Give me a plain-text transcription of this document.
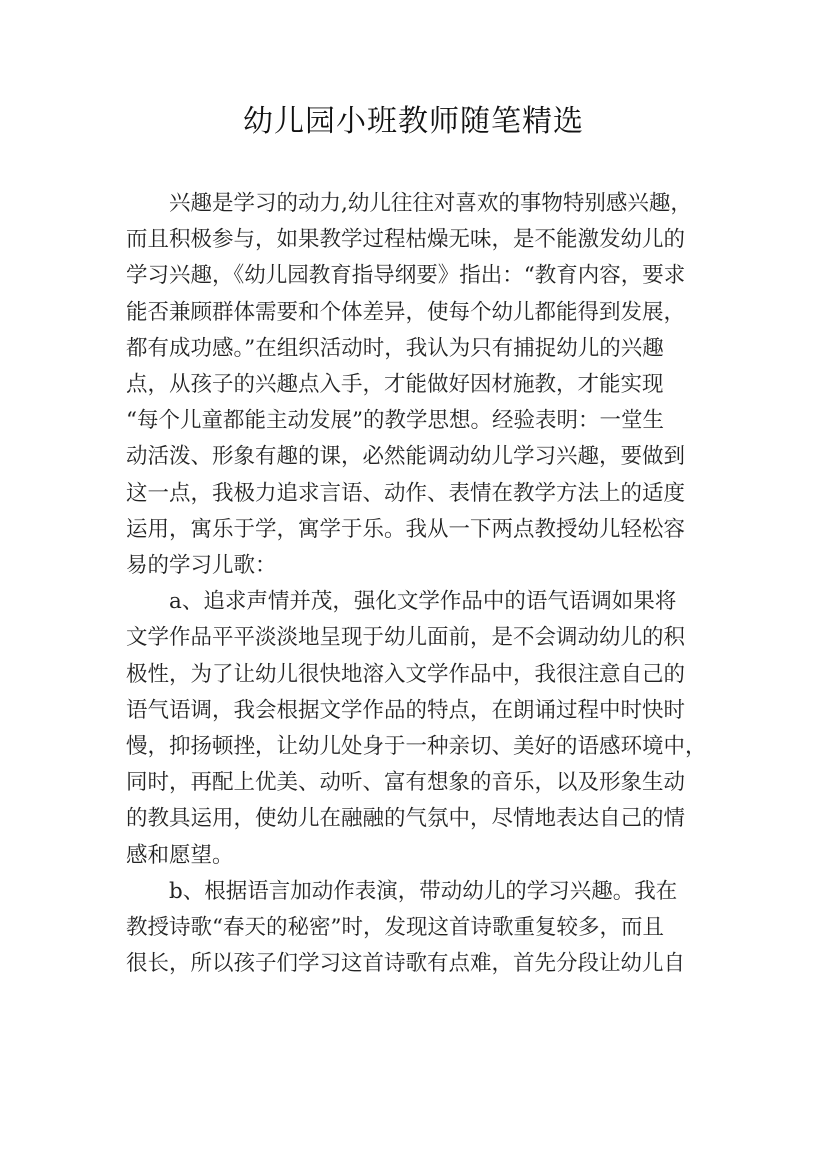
幼儿园小班教师随笔精选

兴趣是学习的动力,幼儿往往对喜欢的事物特别感兴趣，
而且积极参与，如果教学过程枯燥无味，是不能激发幼儿的
学习兴趣，《幼儿园教育指导纲要》指出：“教育内容，要求
能否兼顾群体需要和个体差异，使每个幼儿都能得到发展，
都有成功感。”在组织活动时，我认为只有捕捉幼儿的兴趣
点，从孩子的兴趣点入手，才能做好因材施教，才能实现
“每个儿童都能主动发展”的教学思想。经验表明：一堂生
动活泼、形象有趣的课，必然能调动幼儿学习兴趣，要做到
这一点，我极力追求言语、动作、表情在教学方法上的适度
运用，寓乐于学，寓学于乐。我从一下两点教授幼儿轻松容
易的学习儿歌：

a、追求声情并茂，强化文学作品中的语气语调如果将
文学作品平平淡淡地呈现于幼儿面前，是不会调动幼儿的积
极性，为了让幼儿很快地溶入文学作品中，我很注意自己的
语气语调，我会根据文学作品的特点，在朗诵过程中时快时
慢，抑扬顿挫，让幼儿处身于一种亲切、美好的语感环境中，
同时，再配上优美、动听、富有想象的音乐，以及形象生动
的教具运用，使幼儿在融融的气氛中，尽情地表达自己的情
感和愿望。

b、根据语言加动作表演，带动幼儿的学习兴趣。我在
教授诗歌“春天的秘密”时，发现这首诗歌重复较多，而且
很长，所以孩子们学习这首诗歌有点难，首先分段让幼儿自
